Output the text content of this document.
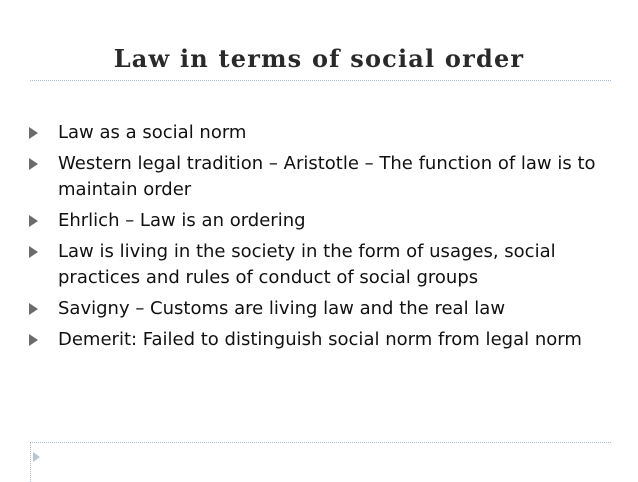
Law in terms of social order
Law as a social norm
Western legal tradition – Aristotle – The function of law is to maintain order
Ehrlich – Law is an ordering
Law is living in the society in the form of usages, social practices and rules of conduct of social groups
Savigny – Customs are living law and the real law
Demerit: Failed to distinguish social norm from legal norm
